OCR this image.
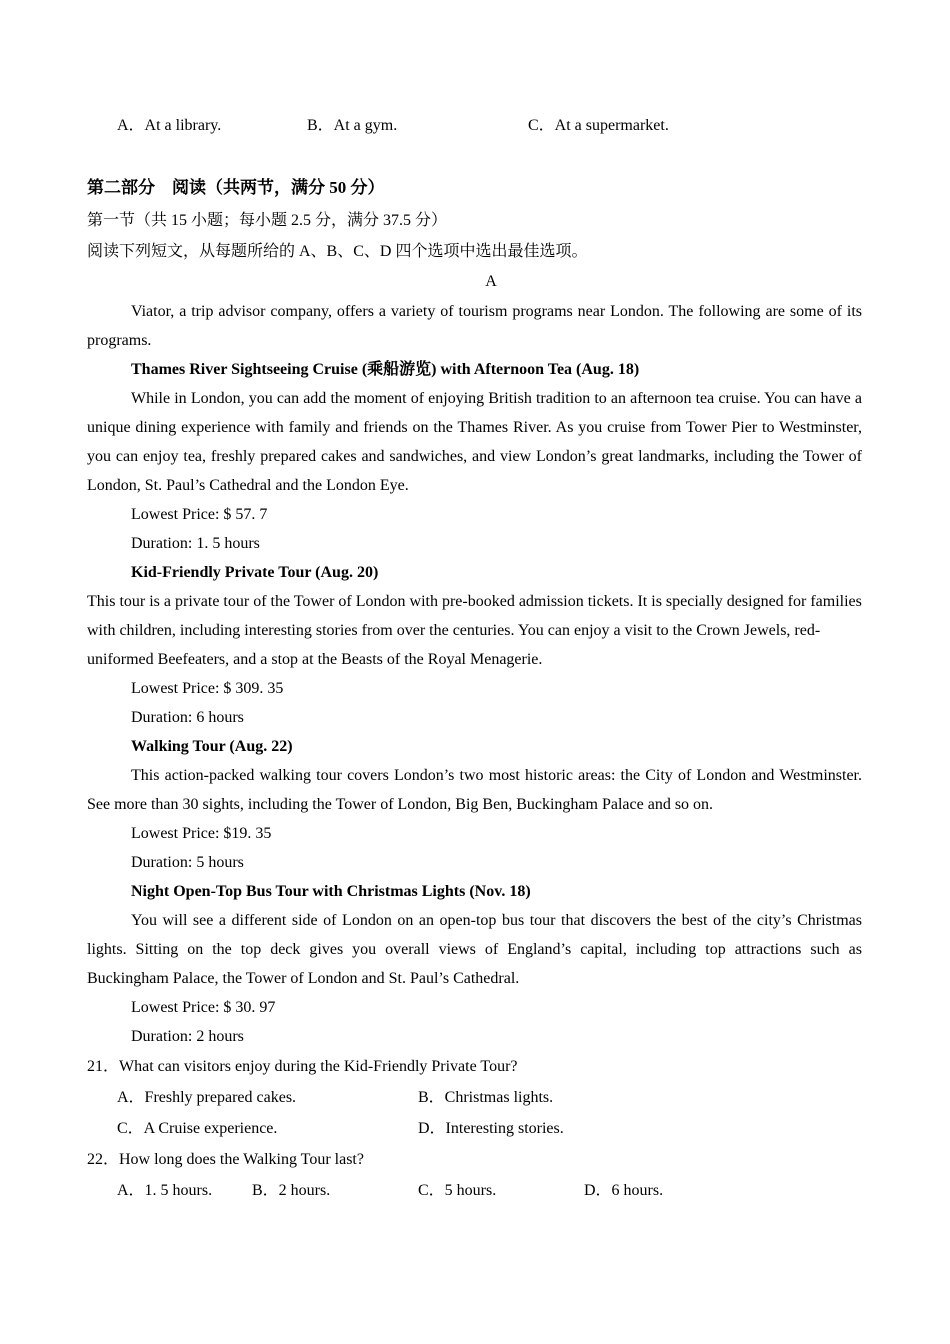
A．At a library.	B．At a gym.	C．At a supermarket.
第二部分　阅读（共两节，满分 50 分）
第一节（共 15 小题；每小题 2.5 分，满分 37.5 分）
阅读下列短文，从每题所给的 A、B、C、D 四个选项中选出最佳选项。
A

Viator, a trip advisor company, offers a variety of tourism programs near London. The following are some of its programs.

Thames River Sightseeing Cruise (乘船游览) with Afternoon Tea (Aug. 18)

While in London, you can add the moment of enjoying British tradition to an afternoon tea cruise. You can have a unique dining experience with family and friends on the Thames River. As you cruise from Tower Pier to Westminster, you can enjoy tea, freshly prepared cakes and sandwiches, and view London’s great landmarks, including the Tower of London, St. Paul’s Cathedral and the London Eye.

Lowest Price: $ 57. 7
Duration: 1. 5 hours
Kid-Friendly Private Tour (Aug. 20)

This tour is a private tour of the Tower of London with pre-booked admission tickets. It is specially designed for families with children, including interesting stories from over the centuries. You can enjoy a visit to the Crown Jewels, red-uniformed Beefeaters, and a stop at the Beasts of the Royal Menagerie.

Lowest Price: $ 309. 35
Duration: 6 hours
Walking Tour (Aug. 22)

This action-packed walking tour covers London’s two most historic areas: the City of London and Westminster. See more than 30 sights, including the Tower of London, Big Ben, Buckingham Palace and so on.

Lowest Price: $19. 35
Duration: 5 hours
Night Open-Top Bus Tour with Christmas Lights (Nov. 18)

You will see a different side of London on an open-top bus tour that discovers the best of the city’s Christmas lights. Sitting on the top deck gives you overall views of England’s capital, including top attractions such as Buckingham Palace, the Tower of London and St. Paul’s Cathedral.

Lowest Price: $ 30. 97
Duration: 2 hours
21．What can visitors enjoy during the Kid-Friendly Private Tour?
A．Freshly prepared cakes.	B．Christmas lights.
C．A Cruise experience.	D．Interesting stories.
22．How long does the Walking Tour last?
A．1. 5 hours. B．2 hours.	C．5 hours.	D．6 hours.
